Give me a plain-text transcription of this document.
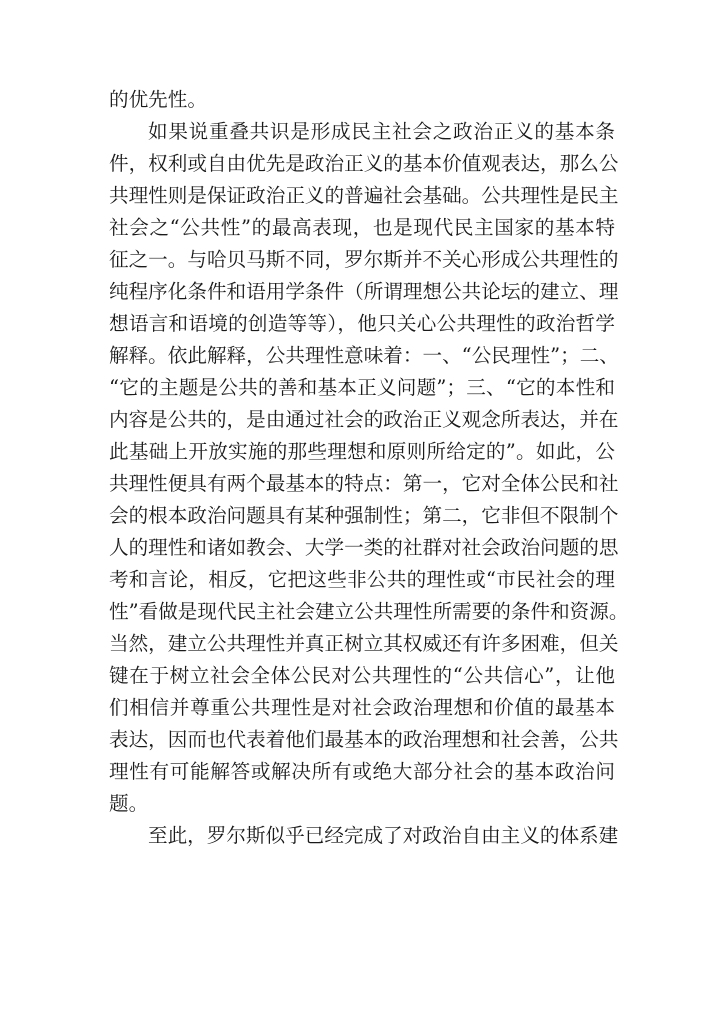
的优先性。
如果说重叠共识是形成民主社会之政治正义的基本条
件，权利或自由优先是政治正义的基本价值观表达，那么公
共理性则是保证政治正义的普遍社会基础。公共理性是民主
社会之“公共性”的最高表现，也是现代民主国家的基本特
征之一。与哈贝马斯不同，罗尔斯并不关心形成公共理性的
纯程序化条件和语用学条件（所谓理想公共论坛的建立、理
想语言和语境的创造等等），他只关心公共理性的政治哲学
解释。依此解释，公共理性意味着：一、“公民理性”；二、
“它的主题是公共的善和基本正义问题”；三、“它的本性和
内容是公共的，是由通过社会的政治正义观念所表达，并在
此基础上开放实施的那些理想和原则所给定的”。如此，公
共理性便具有两个最基本的特点：第一，它对全体公民和社
会的根本政治问题具有某种强制性；第二，它非但不限制个
人的理性和诸如教会、大学一类的社群对社会政治问题的思
考和言论，相反，它把这些非公共的理性或“市民社会的理
性”看做是现代民主社会建立公共理性所需要的条件和资源。
当然，建立公共理性并真正树立其权威还有许多困难，但关
键在于树立社会全体公民对公共理性的“公共信心”，让他
们相信并尊重公共理性是对社会政治理想和价值的最基本
表达，因而也代表着他们最基本的政治理想和社会善，公共
理性有可能解答或解决所有或绝大部分社会的基本政治问
题。
至此，罗尔斯似乎已经完成了对政治自由主义的体系建
